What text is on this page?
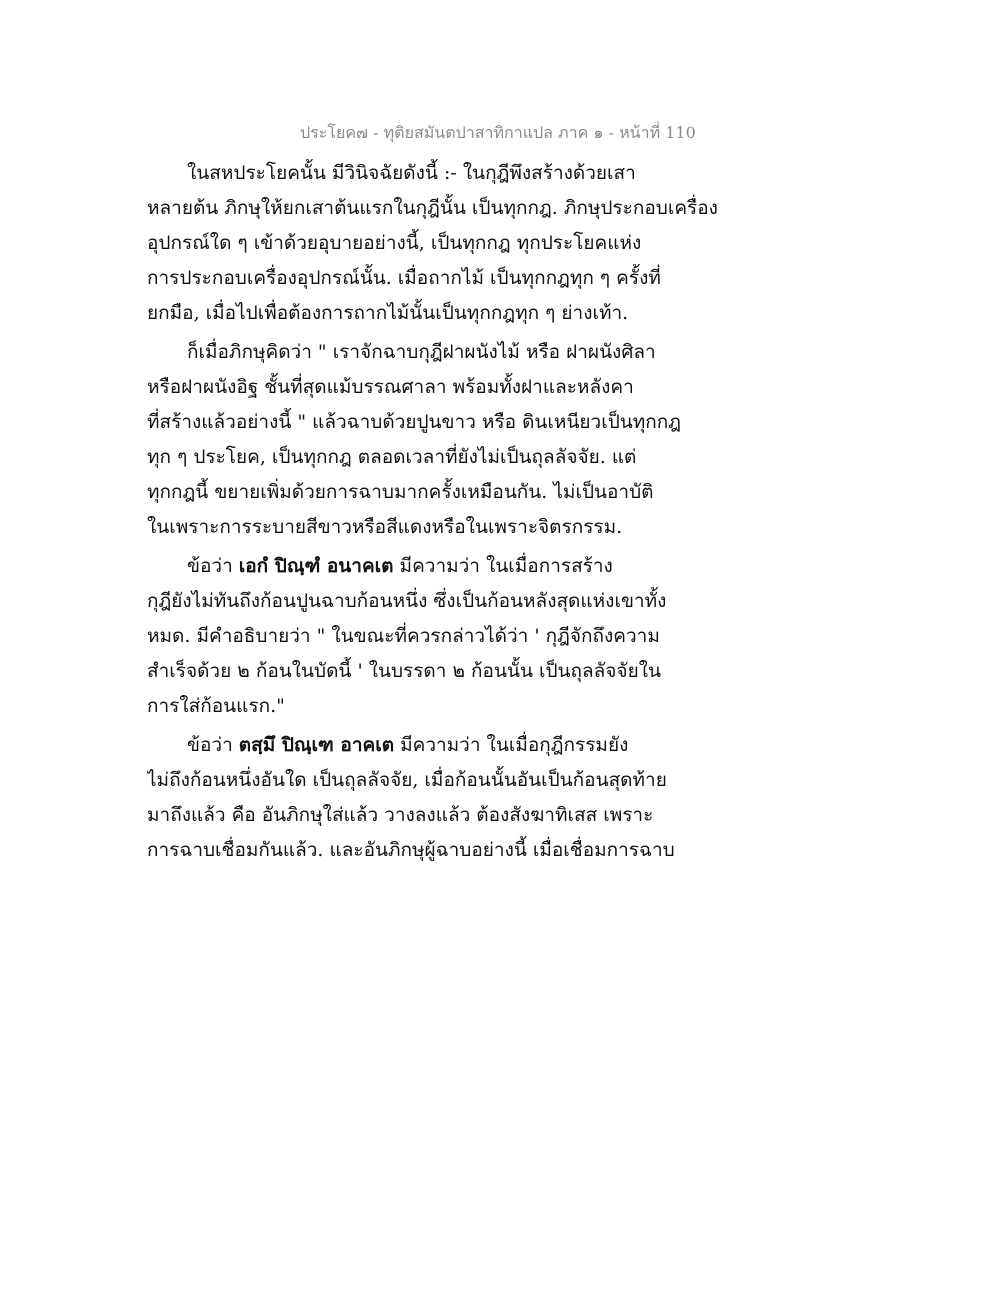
ประโยค๗ - ทุติยสมันตปาสาทิกาแปล ภาค ๑ - หน้าที่ 110
ในสหประโยคนั้น มีวินิจฉัยดังนี้ :- ในกุฎีพึงสร้างด้วยเสา
หลายต้น ภิกษุให้ยกเสาต้นแรกในกุฎีนั้น เป็นทุกกฎ. ภิกษุประกอบเครื่อง
อุปกรณ์ใด ๆ เข้าด้วยอุบายอย่างนี้, เป็นทุกกฎ ทุกประโยคแห่ง
การประกอบเครื่องอุปกรณ์นั้น. เมื่อถากไม้ เป็นทุกกฎทุก ๆ ครั้งที่
ยกมือ, เมื่อไปเพื่อต้องการถากไม้นั้นเป็นทุกกฎทุก ๆ ย่างเท้า.
ก็เมื่อภิกษุคิดว่า " เราจักฉาบกุฎีฝาผนังไม้ หรือ ฝาผนังศิลา
หรือฝาผนังอิฐ ชั้นที่สุดแม้บรรณศาลา พร้อมทั้งฝาและหลังคา
ที่สร้างแล้วอย่างนี้ " แล้วฉาบด้วยปูนขาว หรือ ดินเหนียวเป็นทุกกฎ
ทุก ๆ ประโยค, เป็นทุกกฎ ตลอดเวลาที่ยังไม่เป็นถุลลัจจัย. แต่
ทุกกฎนี้ ขยายเพิ่มด้วยการฉาบมากครั้งเหมือนกัน. ไม่เป็นอาบัติ
ในเพราะการระบายสีขาวหรือสีแดงหรือในเพราะจิตรกรรม.
ข้อว่า เอกํ ปิณฺฑํ อนาคเต มีความว่า ในเมื่อการสร้าง
กุฎียังไม่ทันถึงก้อนปูนฉาบก้อนหนึ่ง ซึ่งเป็นก้อนหลังสุดแห่งเขาทั้ง
หมด. มีคำอธิบายว่า " ในขณะที่ควรกล่าวได้ว่า ' กุฎีจักถึงความ
สำเร็จด้วย ๒ ก้อนในบัดนี้ ' ในบรรดา ๒ ก้อนนั้น เป็นถุลลัจจัยใน
การใส่ก้อนแรก."
ข้อว่า ตสฺมึ ปิณฺเฑ อาคเต มีความว่า ในเมื่อกุฎีกรรมยัง
ไม่ถึงก้อนหนึ่งอันใด เป็นถุลลัจจัย, เมื่อก้อนนั้นอันเป็นก้อนสุดท้าย
มาถึงแล้ว คือ อันภิกษุใส่แล้ว วางลงแล้ว ต้องสังฆาทิเสส เพราะ
การฉาบเชื่อมกันแล้ว. และอันภิกษุผู้ฉาบอย่างนี้ เมื่อเชื่อมการฉาบ
